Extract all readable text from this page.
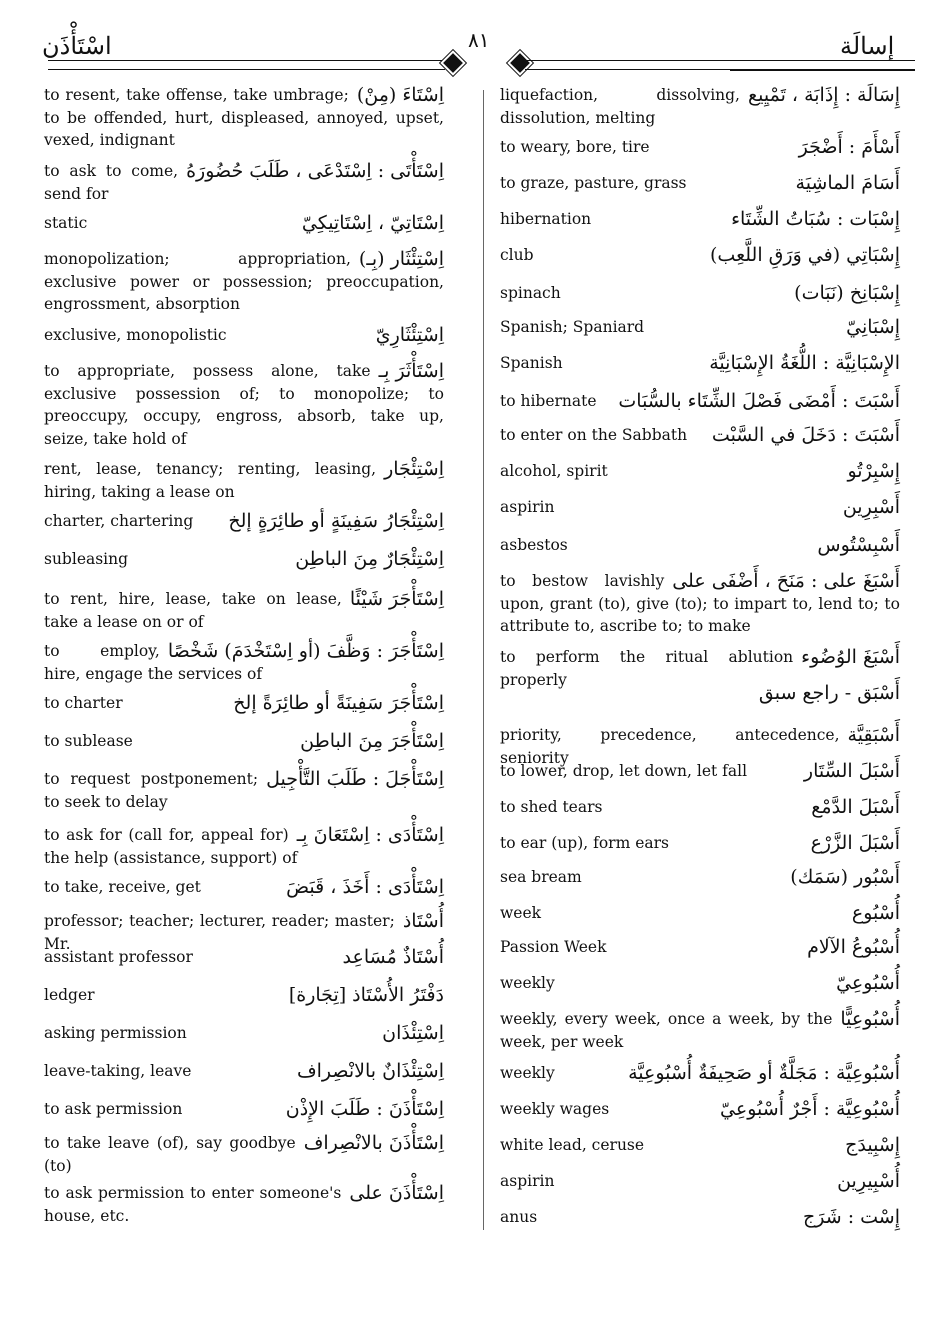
اسْتَأْذَن	٨١	إسالَة
اِسْتَاءَ (مِنْ)
to resent, take offense, take umbrage; to be offended, hurt, displeased, annoyed, upset, vexed, indignant
اِسْتَأْتَى : اِسْتَدْعَى ، طَلَبَ حُضُورَهُ
to ask to come, send for
اِسْتَاتِيّ ، اِسْتَاتِيكِيّ
static
اِسْتِئْثَار (بِـ)
monopolization; appropriation, exclusive power or possession; preoccupation, engrossment, absorption
اِسْتِئْثَارِيّ
exclusive, monopolistic
اِسْتَأْثَرَ بِـ
to appropriate, possess alone, take exclusive possession of; to monopolize; to preoccupy, occupy, engross, absorb, take up, seize, take hold of
اِسْتِئْجَار
rent, lease, tenancy; renting, leasing, hiring, taking a lease on
اِسْتِئْجَارُ سَفِينَةٍ أو طائِرَةٍ إلخ
charter, chartering
اِسْتِئْجَارٌ مِنَ الباطِن
subleasing
اِسْتَأْجَرَ شَيْئًا
to rent, hire, lease, take on lease, take a lease on or of
اِسْتَأْجَرَ : وَظَّفَ (أو اِسْتَخْدَمَ) شَخْصًا
to employ, hire, engage the services of
اِسْتَأْجَرَ سَفِينَةً أو طائِرَةً إلخ
to charter
اِسْتَأْجَرَ مِنَ الباطِن
to sublease
اِسْتَأْجَلَ : طَلَبَ التَّأْجِيل
to request postponement; to seek to delay
اِسْتَأْدَى : اِسْتَعَانَ بِـ
to ask for (call for, appeal for) the help (assistance, support) of
اِسْتَأْدَى : أَخَذَ ، قَبَضَ
to take, receive, get
أُسْتَاذ
professor; teacher; lecturer, reader; master; Mr.
أُسْتَاذٌ مُسَاعِد
assistant professor
دَفْتَرُ الأُسْتَاذ [تِجَارة]
ledger
اِسْتِئْذَان
asking permission
اِسْتِئْذَانٌ بالانْصِراف
leave-taking, leave
اِسْتَأْذَنَ : طَلَبَ الإِذْن
to ask permission
اِسْتَأْذَنَ بالانْصِراف
to take leave (of), say goodbye (to)
اِسْتَأْذَنَ على
to ask permission to enter someone's house, etc.
إِسَالَة : إِذَابَة ، تَمْيِيع
liquefaction, dissolving, dissolution, melting
أَسْأَمَ : أَضْجَرَ
to weary, bore, tire
أَسَامَ الماشِيَة
to graze, pasture, grass
إِسْبَات : سُبَاتُ الشِّتَاء
hibernation
إِسْبَاتِي (في وَرَقِ اللَّعِب)
club
إِسْبَانِخ (نَبَات)
spinach
إِسْبَانِيّ
Spanish; Spaniard
الإِسْبَانِيَّة : اللُّغَةُ الإِسْبَانِيَّة
Spanish
أَسْبَتَ : أَمْضَى فَصْلَ الشِّتَاء بالسُّبَات
to hibernate
أَسْبَتَ : دَخَلَ في السَّبْت
to enter on the Sabbath
إِسْبِرْتُو
alcohol, spirit
أَسْبِرِين
aspirin
أَسْبِسْتُوس
asbestos
أَسْبَغَ على : مَنَحَ ، أَضْفَى على
to bestow lavishly upon, grant (to), give (to); to impart to, lend to; to attribute to, ascribe to; to make
أَسْبَغَ الوُضُوء
to perform the ritual ablution properly
أَسْبَق - راجع سبق
أَسْبَقِيَّة
priority, precedence, antecedence, seniority
أَسْبَلَ السِّتَار
to lower, drop, let down, let fall
أَسْبَلَ الدَّمْع
to shed tears
أَسْبَلَ الزَّرْع
to ear (up), form ears
أَسْبُور (سَمَك)
sea bream
أُسْبُوع
week
أُسْبُوعُ الآلام
Passion Week
أُسْبُوعِيّ
weekly
أُسْبُوعِيًّا
weekly, every week, once a week, by the week, per week
أُسْبُوعِيَّة : مَجَلَّةٌ أو صَحِيفَةٌ أُسْبُوعِيَّة
weekly
أُسْبُوعِيَّة : أَجْرٌ أُسْبُوعِيّ
weekly wages
إِسْبِيدَج
white lead, ceruse
أُسْبِيرِين
aspirin
إِسْت : شَرَج
anus
